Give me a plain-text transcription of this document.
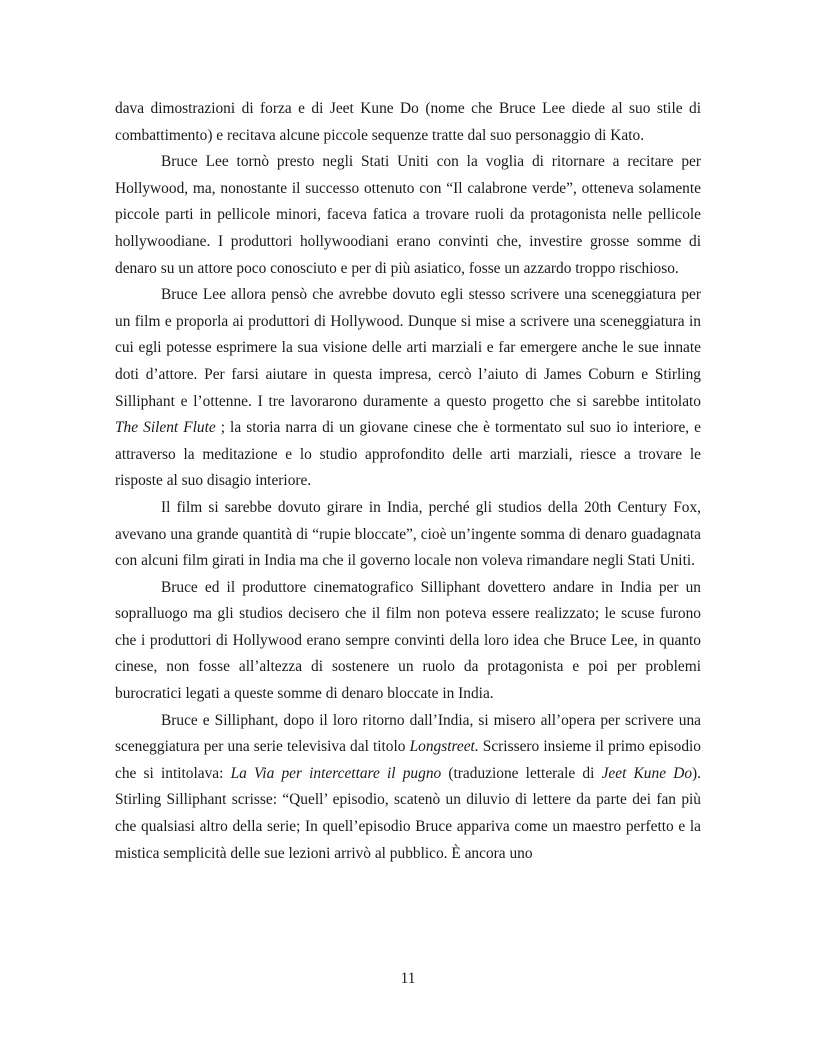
dava dimostrazioni di forza e di Jeet Kune Do (nome che Bruce Lee diede al suo stile di combattimento) e recitava alcune piccole sequenze tratte dal suo personaggio di Kato.

Bruce Lee tornò presto negli Stati Uniti con la voglia di ritornare a recitare per Hollywood, ma, nonostante il successo ottenuto con “Il calabrone verde”, otteneva solamente piccole parti in pellicole minori, faceva fatica a trovare ruoli da protagonista nelle pellicole hollywoodiane. I produttori hollywoodiani erano convinti che, investire grosse somme di denaro su un attore poco conosciuto e per di più asiatico, fosse un azzardo troppo rischioso.

Bruce Lee allora pensò che avrebbe dovuto egli stesso scrivere una sceneggiatura per un film e proporla ai produttori di Hollywood. Dunque si mise a scrivere una sceneggiatura in cui egli potesse esprimere la sua visione delle arti marziali e far emergere anche le sue innate doti d’attore. Per farsi aiutare in questa impresa, cercò l’aiuto di James Coburn e Stirling Silliphant e l’ottenne. I tre lavorarono duramente a questo progetto che si sarebbe intitolato The Silent Flute ; la storia narra di un giovane cinese che è tormentato sul suo io interiore, e attraverso la meditazione e lo studio approfondito delle arti marziali, riesce a trovare le risposte al suo disagio interiore.

Il film si sarebbe dovuto girare in India, perché gli studios della 20th Century Fox, avevano una grande quantità di “rupie bloccate”, cioè un’ingente somma di denaro guadagnata con alcuni film girati in India ma che il governo locale non voleva rimandare negli Stati Uniti.

Bruce ed il produttore cinematografico Silliphant dovettero andare in India per un sopralluogo ma gli studios decisero che il film non poteva essere realizzato; le scuse furono che i produttori di Hollywood erano sempre convinti della loro idea che Bruce Lee, in quanto cinese, non fosse all’altezza di sostenere un ruolo da protagonista e poi per problemi burocratici legati a queste somme di denaro bloccate in India.

Bruce e Silliphant, dopo il loro ritorno dall’India, si misero all’opera per scrivere una sceneggiatura per una serie televisiva dal titolo Longstreet. Scrissero insieme il primo episodio che si intitolava: La Via per intercettare il pugno (traduzione letterale di Jeet Kune Do). Stirling Silliphant scrisse: “Quell’ episodio, scatenò un diluvio di lettere da parte dei fan più che qualsiasi altro della serie; In quell’episodio Bruce appariva come un maestro perfetto e la mistica semplicità delle sue lezioni arrivò al pubblico. È ancora uno

11
